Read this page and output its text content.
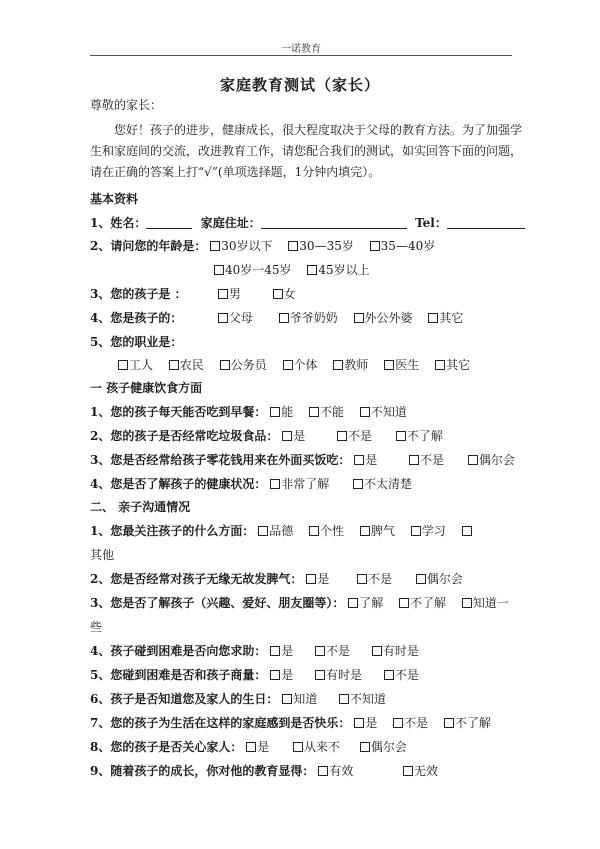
一诺教育
家庭教育测试（家长）
尊敬的家长：
您好！孩子的进步，健康成长，很大程度取决于父母的教育方法。为了加强学生和家庭间的交流，改进教育工作，请您配合我们的测试，如实回答下面的问题，请在正确的答案上打“√”(单项选择题，1分钟内填完）。
基本资料
1、姓名：	家庭住址：	Tel：
2、请问您的年龄是： 30岁以下 30—35岁 35—40岁
40岁一45岁 45岁以上
3、您的孩子是 ：	男	女
4、您是孩子的：	父母	爷爷奶奶 外公外婆 其它
5、您的职业是：
工人 农民 公务员 个体 教师 医生 其它
一 孩子健康饮食方面
1、您的孩子每天能否吃到早餐： 能 不能 不知道
2、您的孩子是否经常吃垃圾食品： 是	不是	不了解
3、您是否经常给孩子零花钱用来在外面买饭吃： 是	不是	偶尔会
4、您是否了解孩子的健康状况： 非常了解	不太清楚
二、 亲子沟通情况
1、您最关注孩子的什么方面： 品德 个性 脾气 学习
其他
2、您是否经常对孩子无缘无故发脾气： 是	不是	偶尔会
3、您是否了解孩子（兴趣、爱好、朋友圈等）： 了解 不了解 知道一
些
4、孩子碰到困难是否向您求助： 是	不是	有时是
5、您碰到困难是否和孩子商量： 是	有时是	不是
6、孩子是否知道您及家人的生日： 知道	不知道
7、您的孩子为生活在这样的家庭感到是否快乐： 是 不是 不了解
8、您的孩子是否关心家人： 是	从来不	偶尔会
9、随着孩子的成长，你对他的教育显得： 有效	无效
